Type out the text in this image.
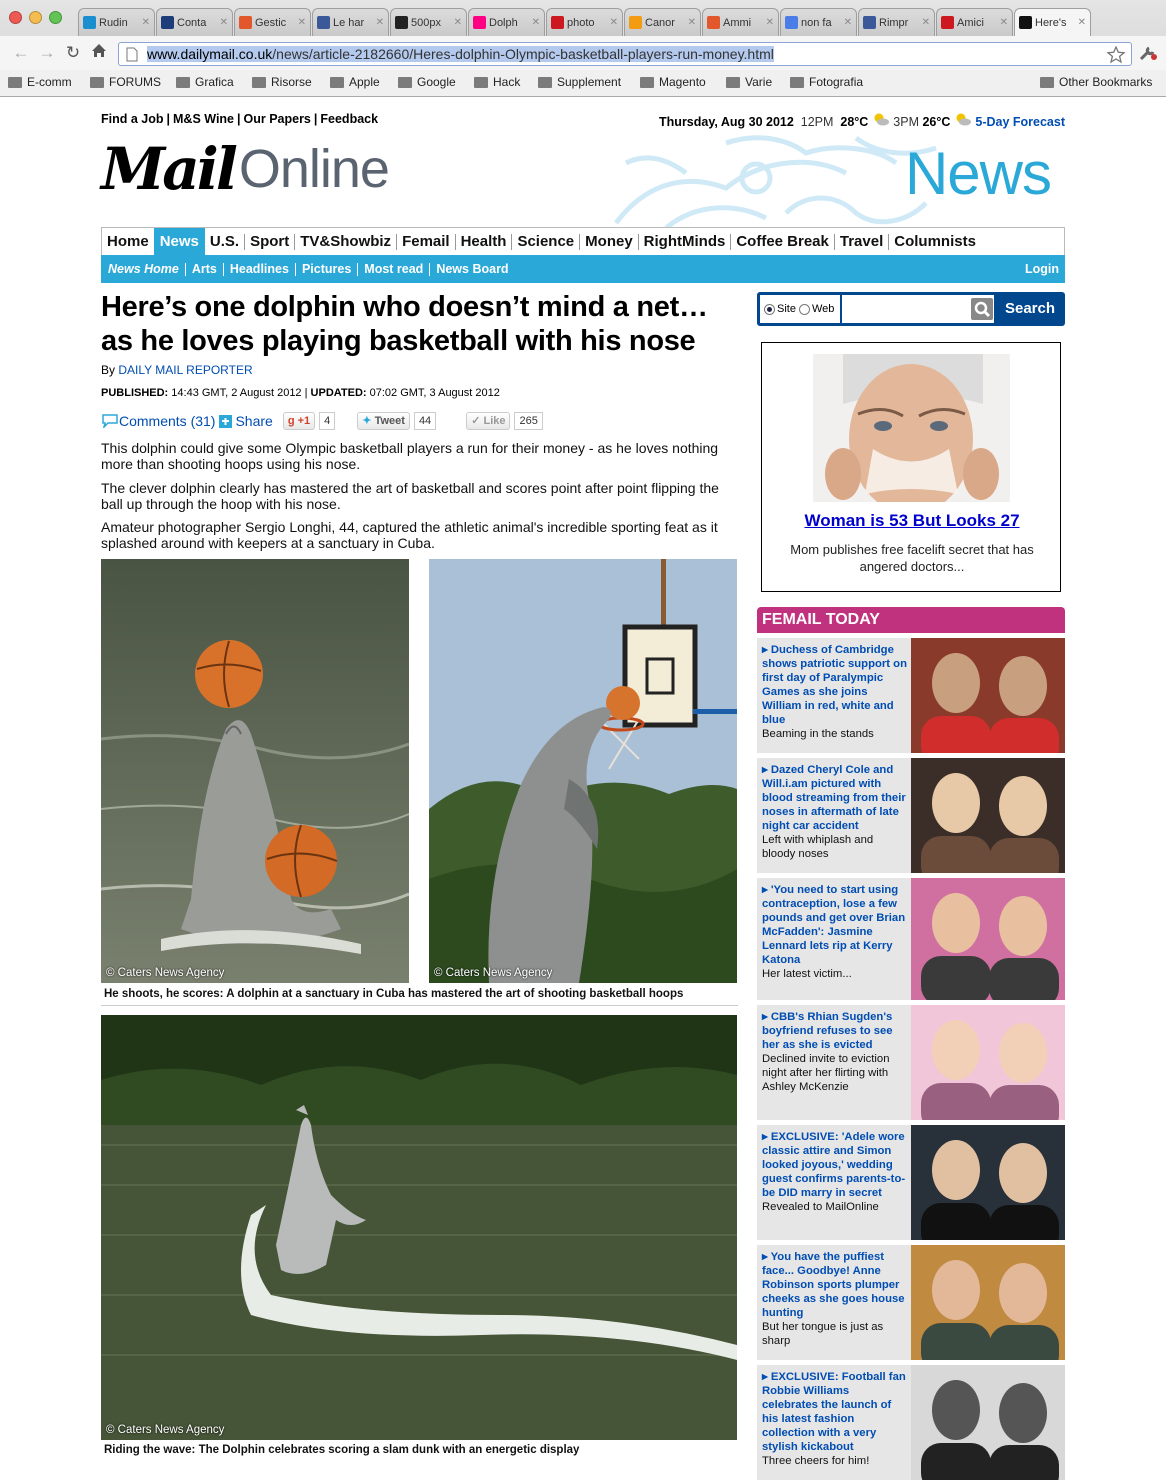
Rudin	✕ Conta	✕ Gestic	✕ Le har	✕ 500px	✕ Dolph	✕ photo	✕ Canor	✕ Ammi	✕ non fa	✕ Rimpr	✕ Amici	✕ Here's	✕
← → ↻	www.dailymail.co.uk/news/article-2182660/Heres-dolphin-Olympic-basketball-players-run-money.html
E-comm	FORUMS	Grafica	Risorse	Apple	Google	Hack	Supplement	Magento	Varie	Fotografia	Other Bookmarks
Find a Job | M&S Wine | Our Papers | Feedback	Thursday, Aug 30 2012 12PM 28°C 3PM 26°C 5-Day Forecast
Mail Online	News
Home News U.S. Sport TV&Showbiz Femail Health Science Money RightMinds Coffee Break Travel Columnists
News Home	Arts	Headlines	Pictures	Most read	News Board	Login
Here’s one dolphin who doesn’t mind a net… as he loves playing basketball with his nose
By DAILY MAIL REPORTER
PUBLISHED: 14:43 GMT, 2 August 2012 | UPDATED: 07:02 GMT, 3 August 2012
Comments (31) Share	g +1	4	✦ Tweet	44	✓ Like	265

This dolphin could give some Olympic basketball players a run for their money - as he loves nothing more than shooting hoops using his nose.

The clever dolphin clearly has mastered the art of basketball and scores point after point flipping the ball up through the hoop with his nose.

Amateur photographer Sergio Longhi, 44, captured the athletic animal's incredible sporting feat as it splashed around with keepers at a sanctuary in Cuba.

© Caters News Agency	© Caters News Agency
He shoots, he scores: A dolphin at a sanctuary in Cuba has mastered the art of shooting basketball hoops
© Caters News Agency
Riding the wave: The Dolphin celebrates scoring a slam dunk with an energetic display
Site Web	Search
Woman is 53 But Looks 27
Mom publishes free facelift secret that has angered doctors...
FEMAIL TODAY
▸ Duchess of Cambridge shows patriotic support on first day of Paralympic Games as she joins William in red, white and blue
Beaming in the stands
▸ Dazed Cheryl Cole and Will.i.am pictured with blood streaming from their noses in aftermath of late night car accident
Left with whiplash and bloody noses
▸ 'You need to start using contraception, lose a few pounds and get over Brian McFadden': Jasmine Lennard lets rip at Kerry Katona
Her latest victim...
▸ CBB's Rhian Sugden's boyfriend refuses to see her as she is evicted
Declined invite to eviction night after her flirting with Ashley McKenzie
▸ EXCLUSIVE: 'Adele wore classic attire and Simon looked joyous,' wedding guest confirms parents-to-be DID marry in secret
Revealed to MailOnline
▸ You have the puffiest face... Goodbye! Anne Robinson sports plumper cheeks as she goes house hunting
But her tongue is just as sharp
▸ EXCLUSIVE: Football fan Robbie Williams celebrates the launch of his latest fashion collection with a very stylish kickabout
Three cheers for him!
